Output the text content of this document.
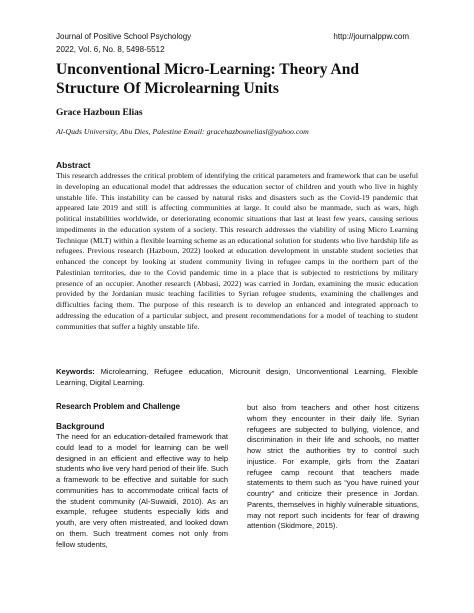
Journal of Positive School Psychology
2022, Vol. 6, No. 8, 5498-5512
http://journalppw.com
Unconventional Micro-Learning: Theory And Structure Of Microlearning Units
Grace Hazboun Elias
Al-Quds University, Abu Dies, Palestine Email: gracehazbouneliasl@yahoo.com
Abstract
This research addresses the critical problem of identifying the critical parameters and framework that can be useful in developing an educational model that addresses the education sector of children and youth who live in highly unstable life. This instability can be caused by natural risks and disasters such as the Covid-19 pandemic that appeared late 2019 and still is affecting communities at large. It could also be manmade, such as wars, high political instabilities worldwide, or deteriorating economic situations that last at least few years, causing serious impediments in the education system of a society. This research addresses the viability of using Micro Learning Technique (MLT) within a flexible learning scheme as an educational solution for students who live hardship life as refugees. Previous research (Hazboun, 2022) looked at education development in unstable student societies that enhanced the concept by looking at student community living in refugee camps in the northern part of the Palestinian territories, due to the Covid pandemic time in a place that is subjected to restrictions by military presence of an occupier. Another research (Abbasi, 2022) was carried in Jordan, examining the music education provided by the Jordanian music teaching facilities to Syrian refugee students, examining the challenges and difficulties facing them. The purpose of this research is to develop an enhanced and integrated approach to addressing the education of a particular subject, and present recommendations for a model of teaching to student communities that suffer a highly unstable life.
Keywords: Microlearning, Refugee education, Microunit design, Unconventional Learning, Flexible Learning, Digital Learning.
Research Problem and Challenge
Background
The need for an education-detailed framework that could lead to a model for learning can be well designed in an efficient and effective way to help students who live very hard period of their life. Such a framework to be effective and suitable for such communities has to accommodate critical facts of the student community (Al-Suwaidi, 2010). As an example, refugee students especially kids and youth, are very often mistreated, and looked down on them. Such treatment comes not only from fellow students,
but also from teachers and other host citizens whom they encounter in their daily life. Syrian refugees are subjected to bullying, violence, and discrimination in their life and schools, no matter how strict the authorities try to control such injustice. For example, girls from the Zaatari refugee camp recount that teachers made statements to them such as “you have ruined your country” and criticize their presence in Jordan. Parents, themselves in highly vulnerable situations, may not report such incidents for fear of drawing attention (Skidmore, 2015).
